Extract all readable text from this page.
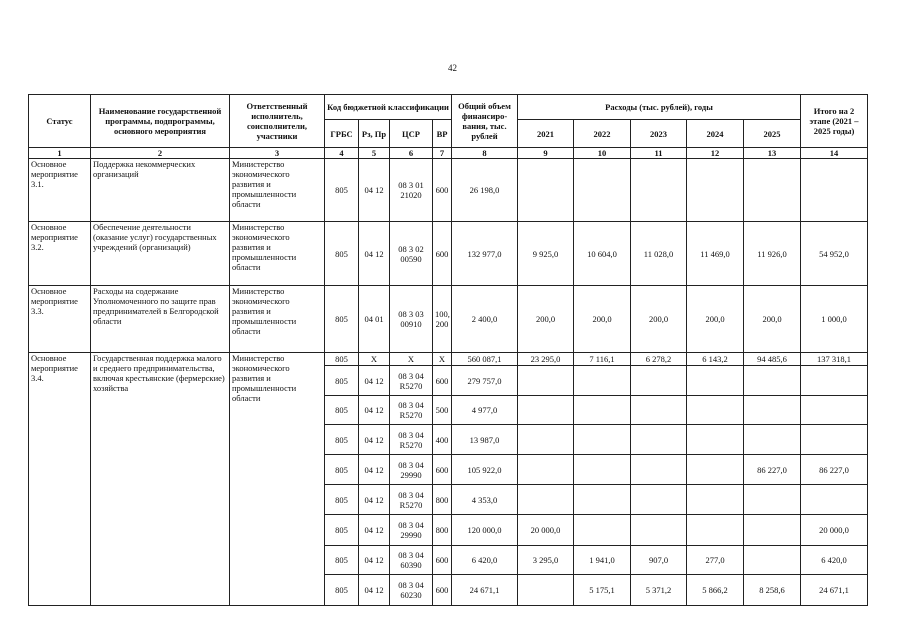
42
Статус	Наименование государственной программы, подпрограммы, основного мероприятия	Ответственный исполнитель, соисполнители, участники	Код бюджетной классификации				Общий объем финансиро-вания, тыс. рублей	Расходы (тыс. рублей), годы					Итого на 2 этапе (2021 – 2025 годы)
			ГРБС	Рз, Пр	ЦСР	ВР		2021	2022	2023	2024	2025	
1	2	3	4	5	6	7	8	9	10	11	12	13	14
Основное мероприятие 3.1.	Поддержка некоммерческих организаций	Министерство экономического развития и промышленности области	805	04 12	08 3 01 21020	600	26 198,0						
Основное мероприятие 3.2.	Обеспечение деятельности (оказание услуг) государственных учреждений (организаций)	Министерство экономического развития и промышленности области	805	04 12	08 3 02 00590	600	132 977,0	9 925,0	10 604,0	11 028,0	11 469,0	11 926,0	54 952,0
Основное мероприятие 3.3.	Расходы на содержание Уполномоченного по защите прав предпринимателей в Белгородской области	Министерство экономического развития и промышленности области	805	04 01	08 3 03 00910	100, 200	2 400,0	200,0	200,0	200,0	200,0	200,0	1 000,0
Основное мероприятие 3.4.	Государственная поддержка малого и среднего предпринимательства, включая крестьянские (фермерские) хозяйства	Министерство экономического развития и промышленности области	805	X	X	X	560 087,1	23 295,0	7 116,1	6 278,2	6 143,2	94 485,6	137 318,1
			805	04 12	08 3 04 R5270	600	279 757,0						
			805	04 12	08 3 04 R5270	500	4 977,0						
			805	04 12	08 3 04 R5270	400	13 987,0						
			805	04 12	08 3 04 29990	600	105 922,0					86 227,0	86 227,0
			805	04 12	08 3 04 R5270	800	4 353,0						
			805	04 12	08 3 04 29990	800	120 000,0	20 000,0					20 000,0
			805	04 12	08 3 04 60390	600	6 420,0	3 295,0	1 941,0	907,0	277,0		6 420,0
			805	04 12	08 3 04 60230	600	24 671,1		5 175,1	5 371,2	5 866,2	8 258,6	24 671,1
